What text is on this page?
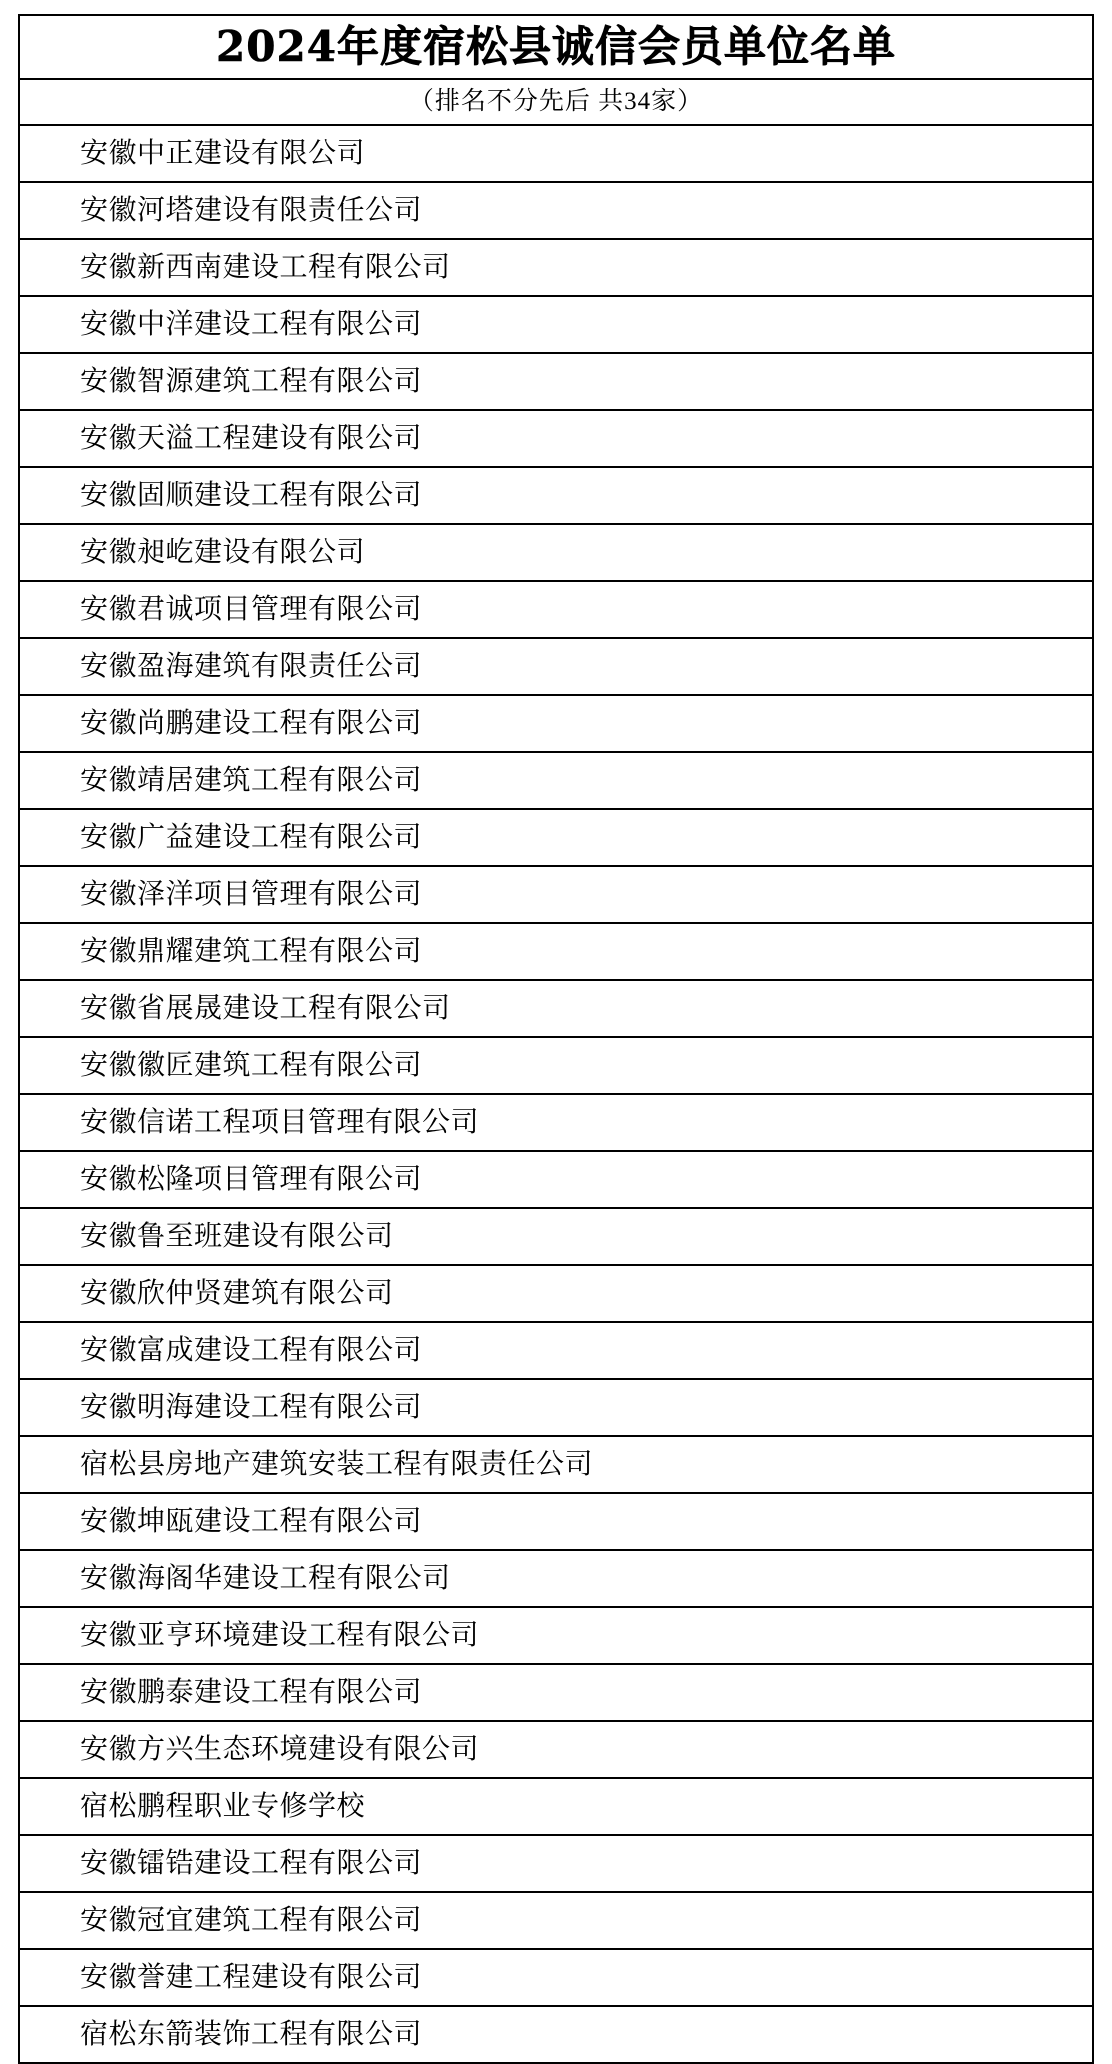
2024年度宿松县诚信会员单位名单
（排名不分先后 共34家）

安徽中正建设有限公司

安徽河塔建设有限责任公司

安徽新西南建设工程有限公司

安徽中洋建设工程有限公司

安徽智源建筑工程有限公司

安徽天溢工程建设有限公司

安徽固顺建设工程有限公司

安徽昶屹建设有限公司

安徽君诚项目管理有限公司

安徽盈海建筑有限责任公司

安徽尚鹏建设工程有限公司

安徽靖居建筑工程有限公司

安徽广益建设工程有限公司

安徽泽洋项目管理有限公司

安徽鼎耀建筑工程有限公司

安徽省展晟建设工程有限公司

安徽徽匠建筑工程有限公司

安徽信诺工程项目管理有限公司

安徽松隆项目管理有限公司

安徽鲁至班建设有限公司

安徽欣仲贤建筑有限公司

安徽富成建设工程有限公司

安徽明海建设工程有限公司

宿松县房地产建筑安装工程有限责任公司

安徽坤瓯建设工程有限公司

安徽海阁华建设工程有限公司

安徽亚亨环境建设工程有限公司

安徽鹏泰建设工程有限公司

安徽方兴生态环境建设有限公司

宿松鹏程职业专修学校

安徽镭锆建设工程有限公司

安徽冠宜建筑工程有限公司

安徽誉建工程建设有限公司

宿松东箭装饰工程有限公司
